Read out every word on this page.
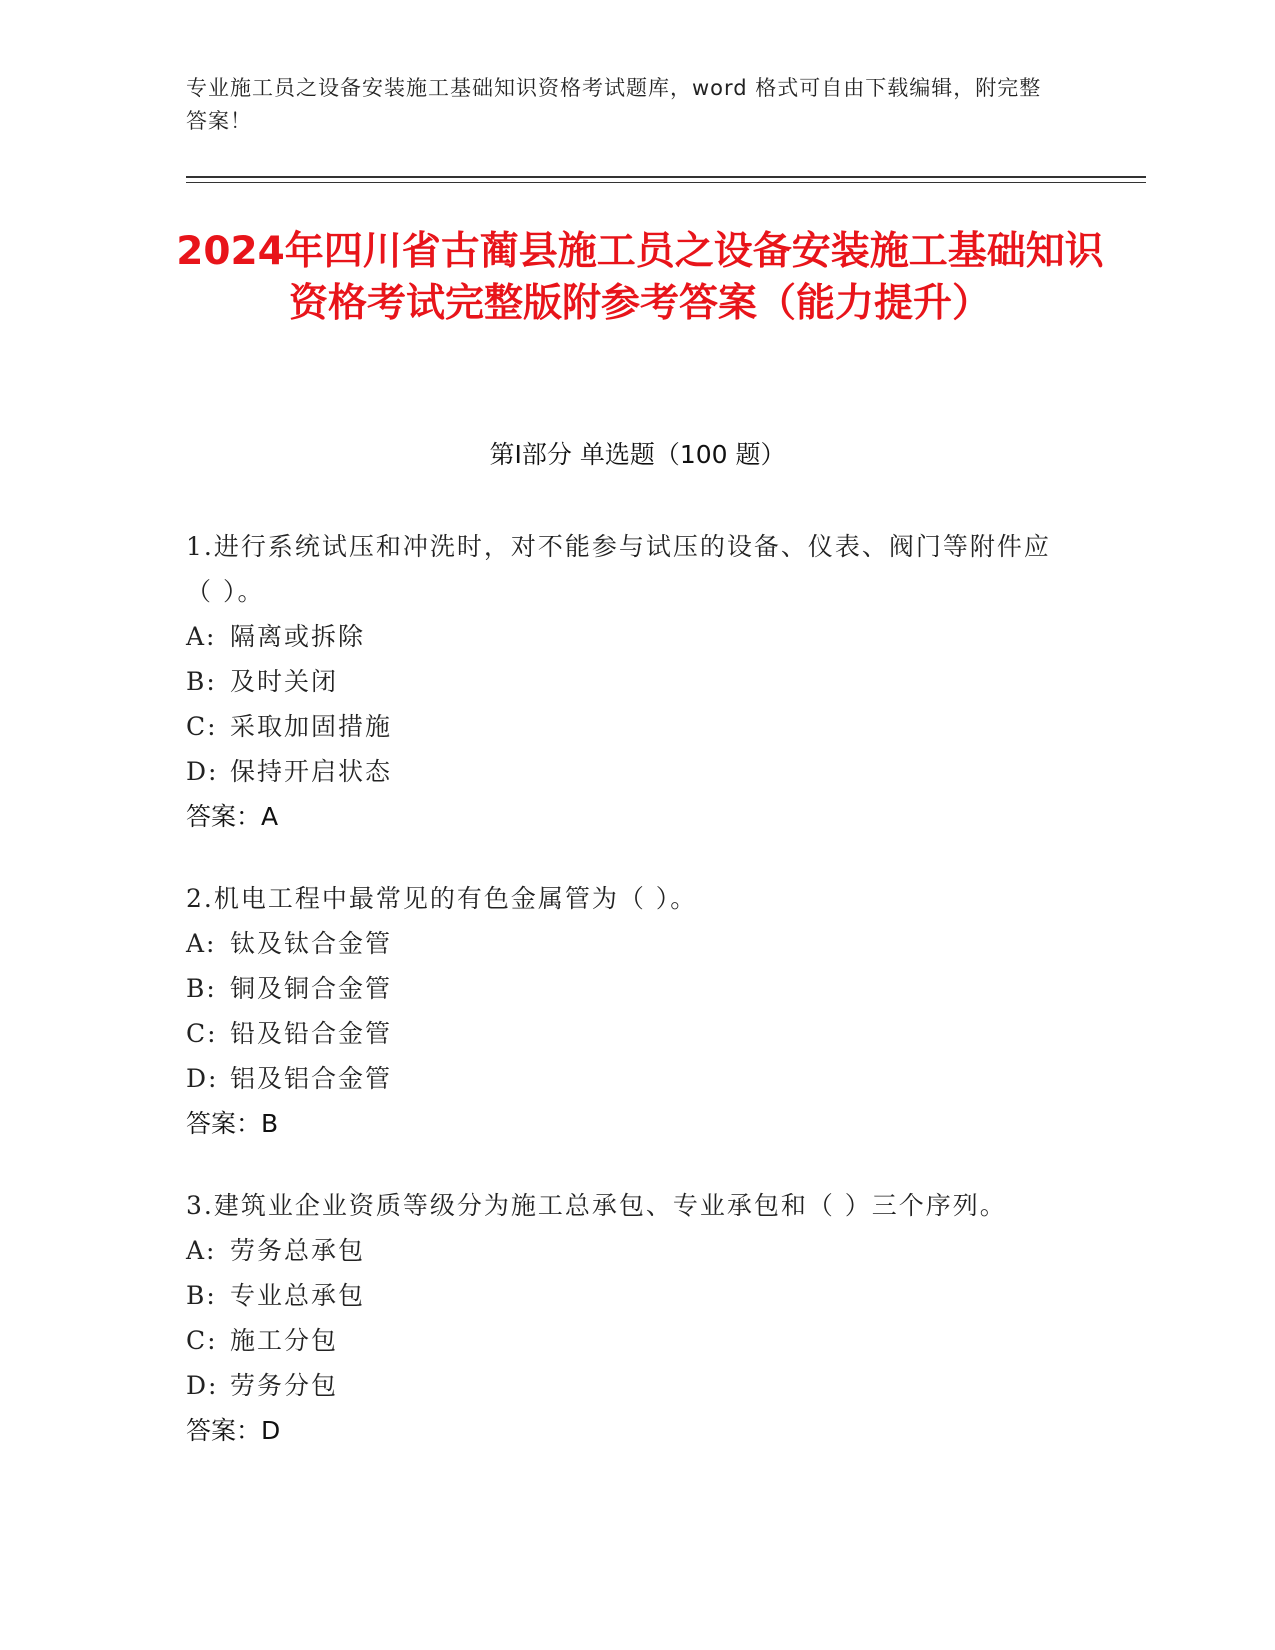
专业施工员之设备安装施工基础知识资格考试题库，word 格式可自由下载编辑，附完整答案！
2024年四川省古蔺县施工员之设备安装施工基础知识资格考试完整版附参考答案（能力提升）
第Ⅰ部分 单选题（100 题）
1.进行系统试压和冲洗时，对不能参与试压的设备、仪表、阀门等附件应（ ）。
A: 隔离或拆除
B: 及时关闭
C: 采取加固措施
D: 保持开启状态
答案：A
2.机电工程中最常见的有色金属管为（ ）。
A: 钛及钛合金管
B: 铜及铜合金管
C: 铅及铅合金管
D: 铝及铝合金管
答案：B
3.建筑业企业资质等级分为施工总承包、专业承包和（ ）三个序列。
A: 劳务总承包
B: 专业总承包
C: 施工分包
D: 劳务分包
答案：D
